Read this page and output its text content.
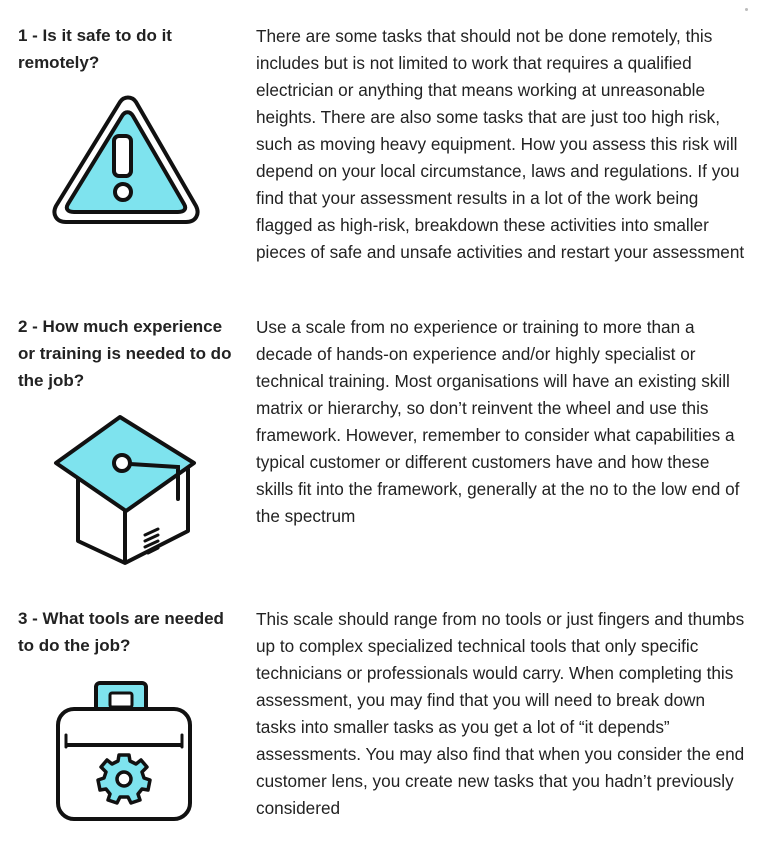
1 - Is it safe to do it remotely?
There are some tasks that should not be done remotely, this includes but is not limited to work that requires a qualified electrician or anything that means working at unreasonable heights. There are also some tasks that are just too high risk, such as moving heavy equipment. How you assess this risk will depend on your local circumstance, laws and regulations. If you find that your assessment results in a lot of the work being flagged as high-risk, breakdown these activities into smaller pieces of safe and unsafe activities and restart your assessment
2 - How much experience or training is needed to do the job?
Use a scale from no experience or training to more than a decade of hands-on experience and/or highly specialist or technical training. Most organisations will have an existing skill matrix or hierarchy, so don’t reinvent the wheel and use this framework. However, remember to consider what capabilities a typical customer or different customers have and how these skills fit into the framework, generally at the no to the low end of the spectrum
3 - What tools are needed to do the job?
This scale should range from no tools or just fingers and thumbs up to complex specialized technical tools that only specific technicians or professionals would carry. When completing this assessment, you may find that you will need to break down tasks into smaller tasks as you get a lot of “it depends” assessments. You may also find that when you consider the end customer lens, you create new tasks that you hadn’t previously considered
